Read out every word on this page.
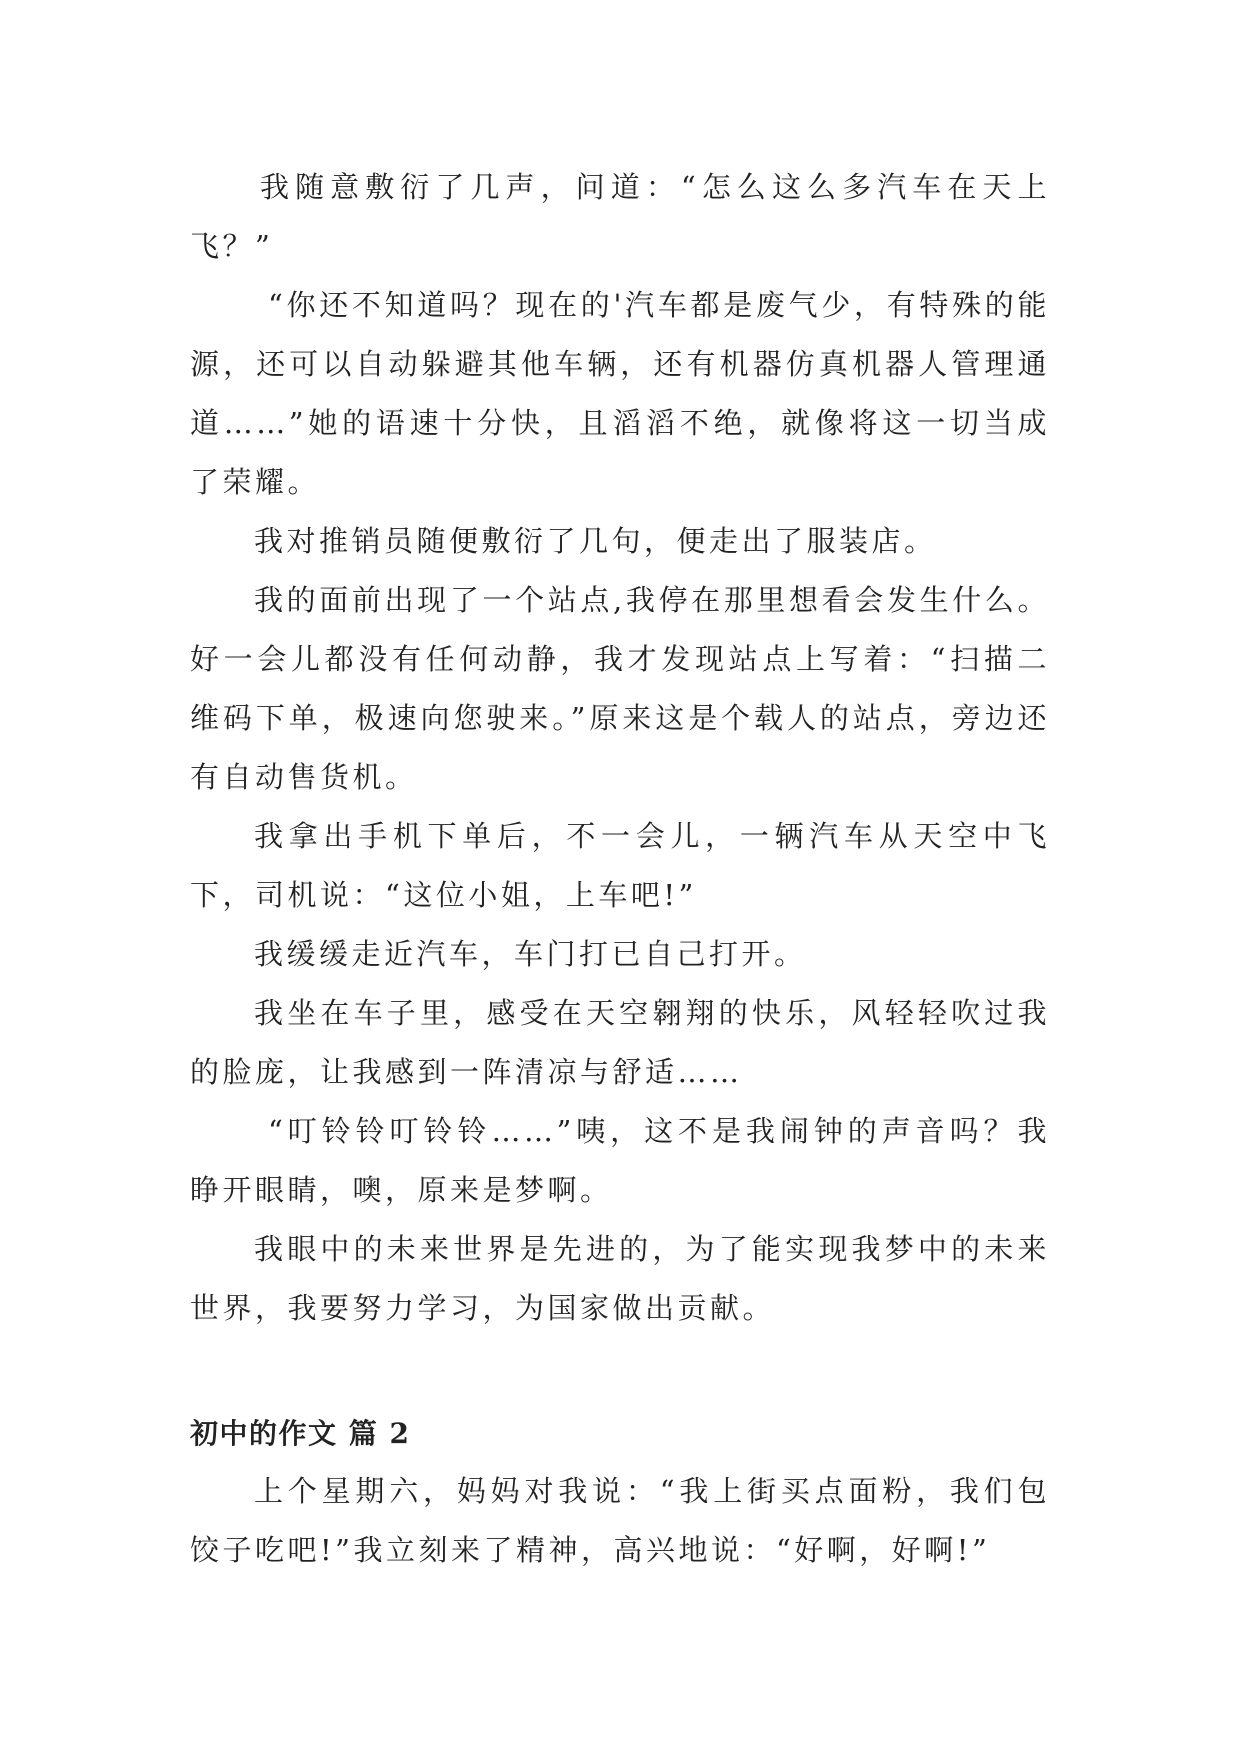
我随意敷衍了几声，问道：“怎么这么多汽车在天上飞？”

“你还不知道吗？现在的'汽车都是废气少，有特殊的能源，还可以自动躲避其他车辆，还有机器仿真机器人管理通道……”她的语速十分快，且滔滔不绝，就像将这一切当成了荣耀。

我对推销员随便敷衍了几句，便走出了服装店。

我的面前出现了一个站点,我停在那里想看会发生什么。好一会儿都没有任何动静，我才发现站点上写着：“扫描二维码下单，极速向您驶来。”原来这是个载人的站点，旁边还有自动售货机。

我拿出手机下单后，不一会儿，一辆汽车从天空中飞下，司机说：“这位小姐，上车吧!”

我缓缓走近汽车，车门打已自己打开。

我坐在车子里，感受在天空翱翔的快乐，风轻轻吹过我的脸庞，让我感到一阵清凉与舒适……

“叮铃铃叮铃铃……”咦，这不是我闹钟的声音吗？我睁开眼睛，噢，原来是梦啊。

我眼中的未来世界是先进的，为了能实现我梦中的未来世界，我要努力学习，为国家做出贡献。

初中的作文 篇 2

上个星期六，妈妈对我说：“我上街买点面粉，我们包饺子吃吧!”我立刻来了精神，高兴地说：“好啊，好啊!”
